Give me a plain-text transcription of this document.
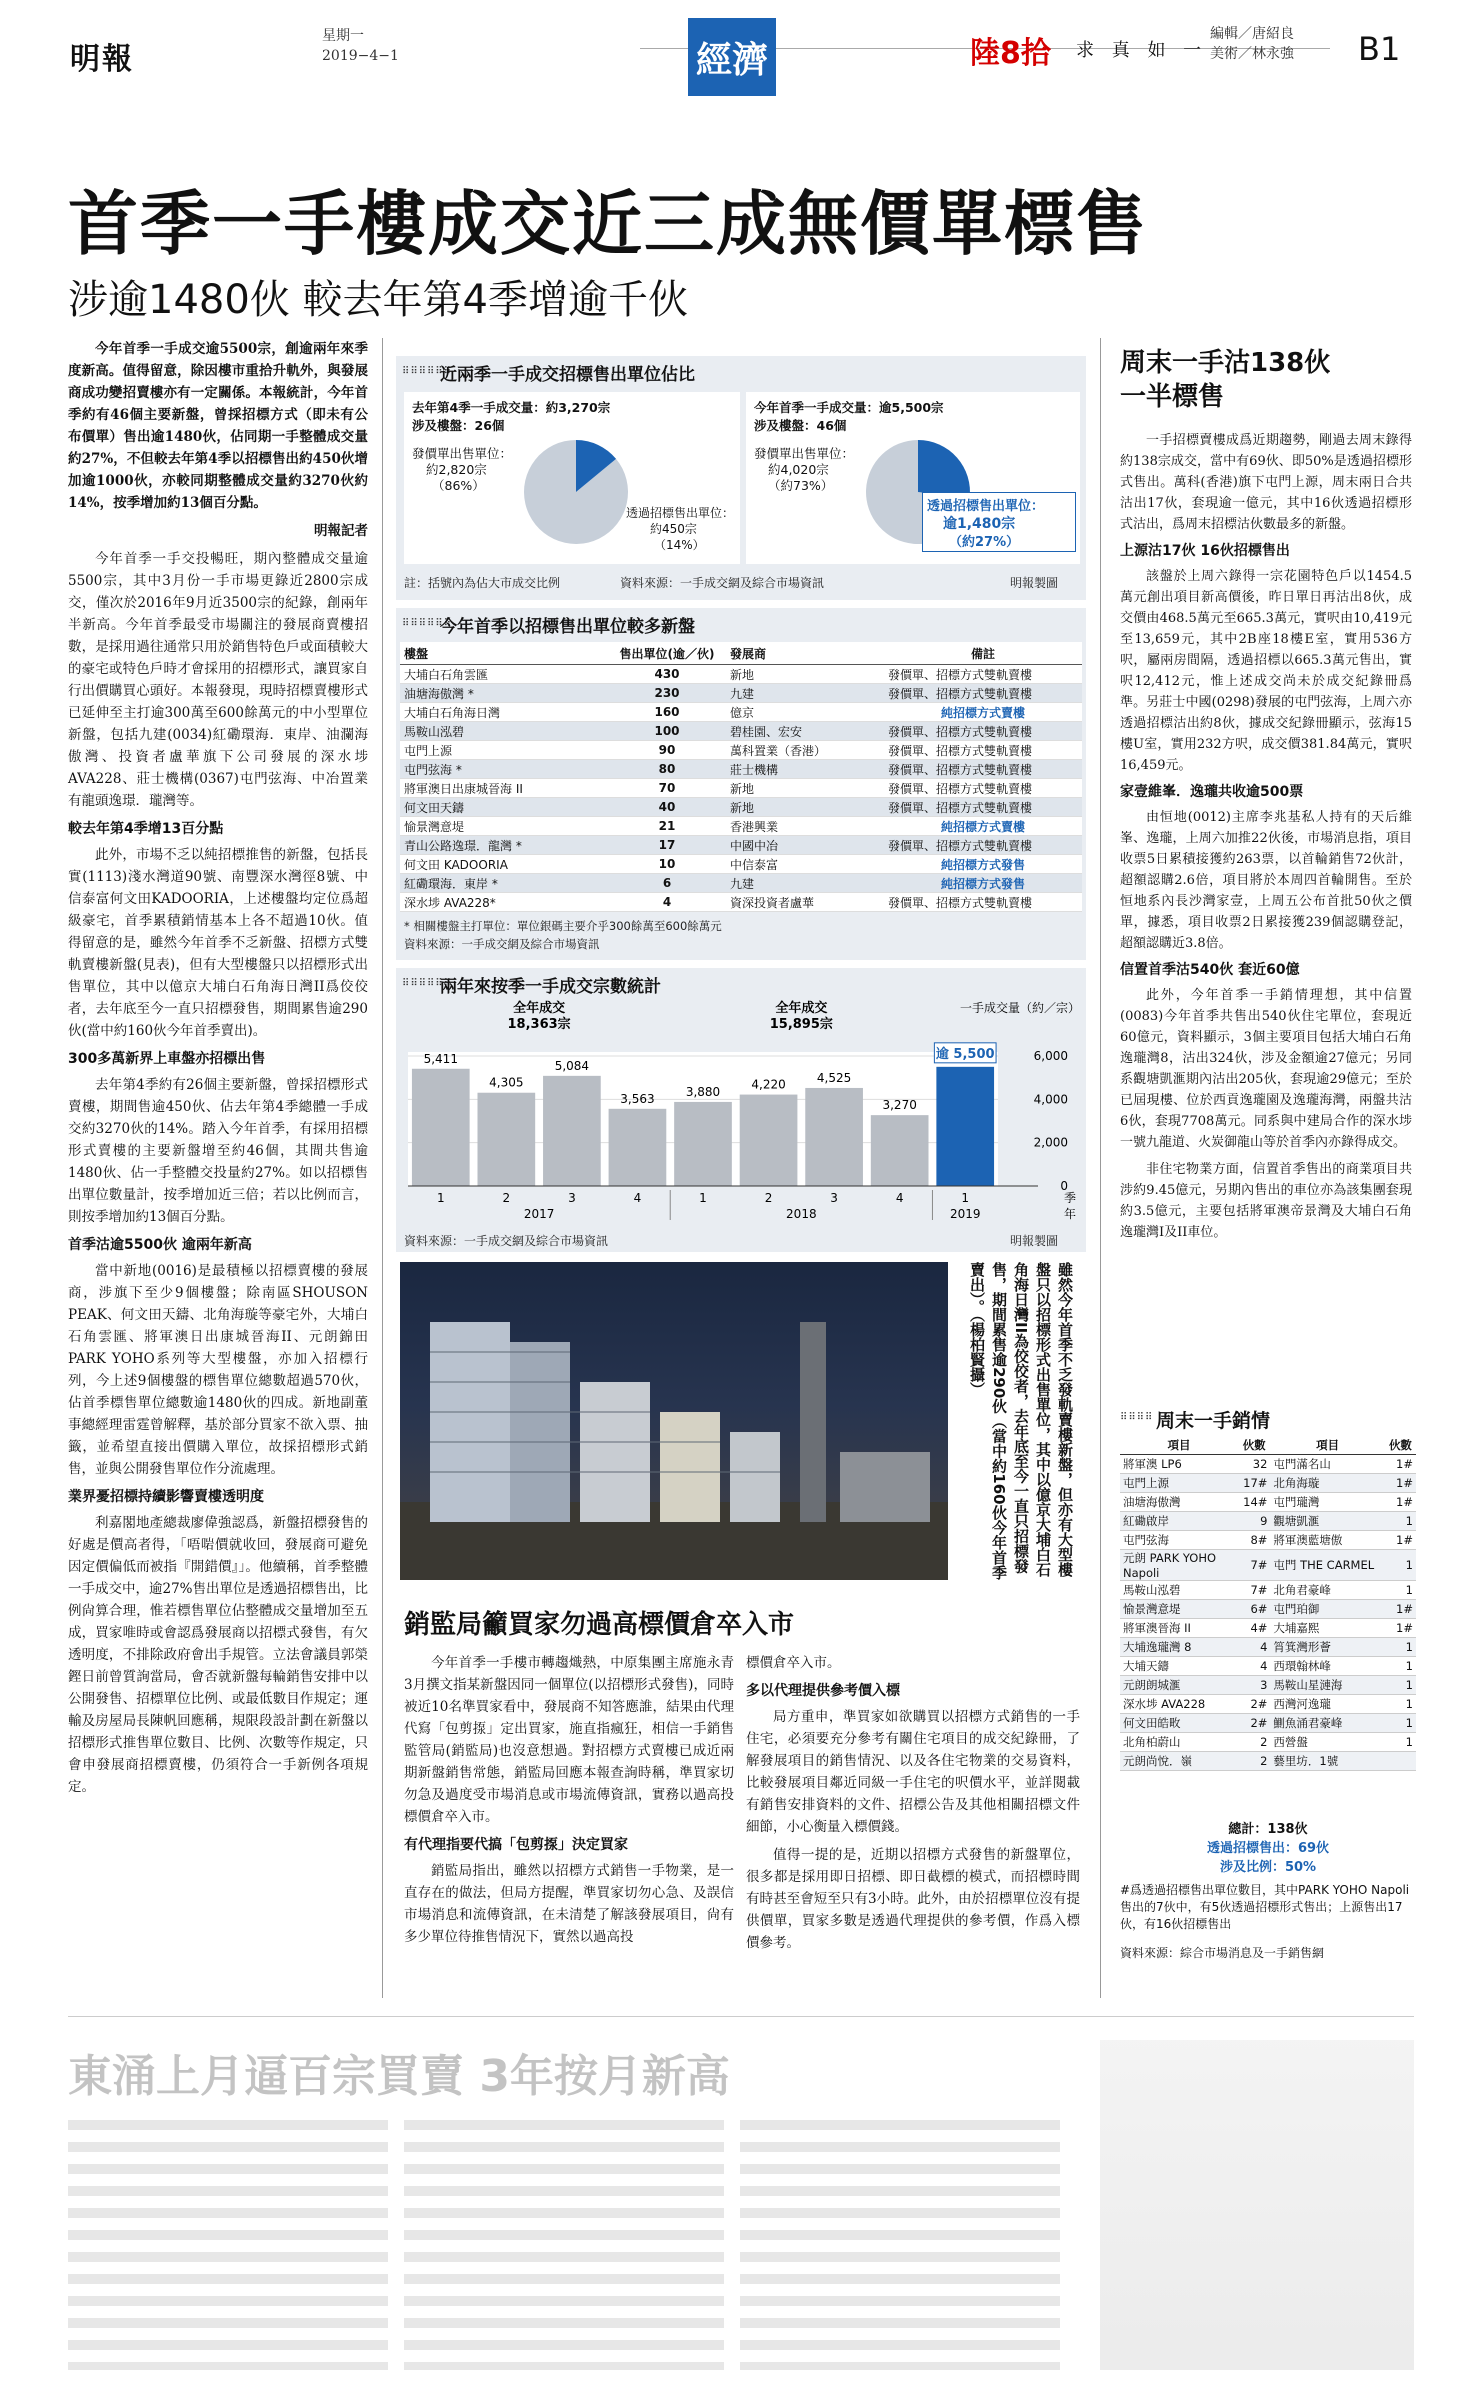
明報
星期一
2019−4−1	經濟	陸8拾 求 真 如 一
編輯／唐紹良
美術／林永強 B1
首季一手樓成交近三成無價單標售
涉逾1480伙 較去年第4季增逾千伙

今年首季一手成交逾5500宗，創逾兩年來季度新高。值得留意，除因樓市重拾升軌外，與發展商成功變招賣樓亦有一定關係。本報統計，今年首季約有46個主要新盤，曾採招標方式（即未有公布價單）售出逾1480伙，佔同期一手整體成交量約27%，不但較去年第4季以招標售出約450伙增加逾1000伙，亦較同期整體成交量約3270伙約14%，按季增加約13個百分點。

明報記者

今年首季一手交投暢旺，期內整體成交量逾5500宗，其中3月份一手市場更錄近2800宗成交，僅次於2016年9月近3500宗的紀錄，創兩年半新高。今年首季最受市場關注的發展商賣樓招數，是採用過往通常只用於銷售特色戶或面積較大的豪宅或特色戶時才會採用的招標形式，讓買家自行出價購買心頭好。本報發現，現時招標賣樓形式已延伸至主打逾300萬至600餘萬元的中小型單位新盤，包括九建(0034)紅磡環海．東岸、油瀾海傲灣、投資者盧華旗下公司發展的深水埗AVA228、莊士機構(0367)屯門弦海、中冶置業有龍頭逸璟．瓏灣等。

較去年第4季增13百分點

此外，市場不乏以純招標推售的新盤，包括長實(1113)淺水灣道90號、南豐深水灣徑8號、中信泰富何文田KADOORIA，上述樓盤均定位爲超級豪宅，首季累積銷情基本上各不超過10伙。值得留意的是，雖然今年首季不乏新盤、招標方式雙軌賣樓新盤(見表)，但有大型樓盤只以招標形式出售單位，其中以億京大埔白石角海日灣II爲佼佼者，去年底至今一直只招標發售，期間累售逾290伙(當中約160伙今年首季賣出)。

300多萬新界上車盤亦招標出售

去年第4季約有26個主要新盤，曾採招標形式賣樓，期間售逾450伙、佔去年第4季總體一手成交約3270伙的14%。踏入今年首季，有採用招標形式賣樓的主要新盤增至約46個，其間共售逾1480伙、佔一手整體交投量約27%。如以招標售出單位數量計，按季增加近三倍；若以比例而言，則按季增加約13個百分點。

首季沽逾5500伙 逾兩年新高

當中新地(0016)是最積極以招標賣樓的發展商，涉旗下至少9個樓盤；除南區SHOUSON PEAK、何文田天鑄、北角海璇等豪宅外，大埔白石角雲匯、將軍澳日出康城晉海II、元朗錦田PARK YOHO系列等大型樓盤，亦加入招標行列，今上述9個樓盤的標售單位總數超過570伙，佔首季標售單位總數逾1480伙的四成。新地副董事總經理雷霆曾解釋，基於部分買家不欲入票、抽籤，並希望直接出價購入單位，故採招標形式銷售，並與公開發售單位作分流處理。

業界憂招標持續影響賣樓透明度

利嘉閣地產總裁廖偉強認爲，新盤招標發售的好處是價高者得，「唔啱價就收回，發展商可避免因定價偏低而被指『開錯價』」。他續稱，首季整體一手成交中，逾27%售出單位是透過招標售出，比例尙算合理，惟若標售單位佔整體成交量增加至五成，買家唯時或會認爲發展商以招標式發售，有欠透明度，不排除政府會出手規管。立法會議員郭榮鏗日前曾質詢當局，會否就新盤每輪銷售安排中以公開發售、招標單位比例、或最低數目作規定；運輸及房屋局長陳帆回應稱，規限段設計劃在新盤以招標形式推售單位數目、比例、次數等作規定，只會申發展商招標賣樓，仍須符合一手新例各項規定。

⠿⠿⠿⠿⠿⠿
近兩季一手成交招標售出單位佔比
去年第4季一手成交量：約3,270宗
涉及樓盤：26個
發價單出售單位：
約2,820宗
（86%）
透過招標售出單位：
約450宗
（14%）
今年首季一手成交量：逾5,500宗
涉及樓盤：46個
發價單出售單位：
約4,020宗
（約73%）
透過招標售出單位：
逾1,480宗
（約27%）
註：括號內為佔大市成交比例	資料來源：一手成交網及綜合市場資訊	明報製圖
⠿⠿⠿⠿⠿⠿
今年首季以招標售出單位較多新盤
樓盤	售出單位(逾／伙)	發展商	備註
大埔白石角雲匯	430	新地	發價單、招標方式雙軌賣樓
油塘海傲灣 *	230	九建	發價單、招標方式雙軌賣樓
大埔白石角海日灣	160	億京	純招標方式賣樓
馬鞍山泓碧	100	碧桂園、宏安	發價單、招標方式雙軌賣樓
屯門上源	90	萬科置業（香港）	發價單、招標方式雙軌賣樓
屯門弦海 *	80	莊士機構	發價單、招標方式雙軌賣樓
將軍澳日出康城晉海 II	70	新地	發價單、招標方式雙軌賣樓
何文田天鑄	40	新地	發價單、招標方式雙軌賣樓
愉景灣意堤	21	香港興業	純招標方式賣樓
青山公路逸璟．龍灣 *	17	中國中冶	發價單、招標方式雙軌賣樓
何文田 KADOORIA	10	中信泰富	純招標方式發售
紅磡環海．東岸 *	6	九建	純招標方式發售
深水埗 AVA228*	4	資深投資者盧華	發價單、招標方式雙軌賣樓
* 相關樓盤主打單位：單位銀碼主要介乎300餘萬至600餘萬元
資料來源：一手成交網及綜合市場資訊
⠿⠿⠿⠿⠿⠿
兩年來按季一手成交宗數統計
0
2,000
4,000
6,000
5,411
1
4,305
2
5,084
3
3,563
4
3,880
1
4,220
2
4,525
3
3,270
4
逾 5,500
1
2017	2018	2019
全年成交
18,363宗
全年成交
15,895宗
一手成交量（約／宗）
季
年
資料來源：一手成交網及綜合市場資訊	明報製圖
雖然今年首季不乏發軌賣樓新盤，但亦有大型樓盤只以招標形式出售單位，其中以億京大埔白石角海日灣II為佼佼者，去年底至今一直只招標發售，期間累售逾290伙（當中約160伙今年首季賣出）。（楊柏賢攝）
銷監局籲買家勿過高標價倉卒入市

今年首季一手樓市轉趨熾熱，中原集團主席施永青3月撰文指某新盤因同一個單位(以招標形式發售)，同時被近10名準買家看中，發展商不知答應誰，結果由代理代寫「包剪揼」定出買家，施直指瘋狂，相信一手銷售監管局(銷監局)也沒意想過。對招標方式賣樓已成近兩期新盤銷售常態，銷監局回應本報查詢時稱，準買家切勿急及過度受市場消息或市場流傳資訊，實務以過高投標價倉卒入市。

有代理指要代搞「包剪揼」決定買家

銷監局指出，雖然以招標方式銷售一手物業，是一直存在的做法，但局方提醒，準買家切勿心急、及誤信市場消息和流傳資訊，在未清楚了解該發展項目，尙有多少單位待推售情況下，實然以過高投

標價倉卒入市。

多以代理提供參考價入標

局方重申，準買家如欲購買以招標方式銷售的一手住宅，必須要充分參考有關住宅項目的成交紀錄冊，了解發展項目的銷售情況、以及各住宅物業的交易資料，比較發展項目鄰近同級一手住宅的呎價水平，並詳閱載有銷售安排資料的文件、招標公告及其他相關招標文件細節，小心衡量入標價錢。

值得一提的是，近期以招標方式發售的新盤單位，很多都是採用即日招標、即日截標的模式，而招標時間有時甚至會短至只有3小時。此外，由於招標單位沒有提供價單，買家多數是透過代理提供的參考價，作爲入標價參考。

周末一手沽138伙
一半標售

一手招標賣樓成爲近期趨勢，剛過去周末錄得約138宗成交，當中有69伙、即50%是透過招標形式售出。萬科(香港)旗下屯門上源，周末兩日合共沽出17伙，套現逾一億元，其中16伙透過招標形式沽出，爲周末招標沽伙數最多的新盤。

上源沽17伙 16伙招標售出

該盤於上周六錄得一宗花園特色戶以1454.5萬元創出項目新高價後，昨日單日再沽出8伙，成交價由468.5萬元至665.3萬元，實呎由10,419元至13,659元，其中2B座18樓E室，實用536方呎，屬兩房間隔，透過招標以665.3萬元售出，實呎12,412元，惟上述成交尚未於成交紀錄冊爲準。另莊士中國(0298)發展的屯門弦海，上周六亦透過招標沽出約8伙，據成交紀錄冊顯示，弦海15樓U室，實用232方呎，成交價381.84萬元，實呎16,459元。

家壹維峯．逸瓏共收逾500票

由恒地(0012)主席李兆基私人持有的天后維峯、逸瓏，上周六加推22伙後，市場消息指，項目收票5日累積接獲約263票，以首輪銷售72伙計，超額認購2.6倍，項目將於本周四首輪開售。至於恒地系內長沙灣家壹，上周五公布首批50伙之價單，據悉，項目收票2日累接獲239個認購登記，超額認購近3.8倍。

信置首季沽540伙 套近60億

此外，今年首季一手銷情理想，其中信置(0083)今年首季共售出540伙住宅單位，套現近60億元，資料顯示，3個主要項目包括大埔白石角逸瓏灣8，沽出324伙，涉及金額逾27億元；另同系觀塘凱滙期內沽出205伙，套現逾29億元；至於已屆現樓、位於西貢逸瓏園及逸瓏海灣，兩盤共沽6伙，套現7708萬元。同系與中建局合作的深水埗一號九龍道、火炭御龍山等於首季內亦錄得成交。

非住宅物業方面，信置首季售出的商業項目共涉約9.45億元，另期內售出的車位亦為該集團套現約3.5億元，主要包括將軍澳帝景灣及大埔白石角逸瓏灣I及II車位。

⠿⠿⠿⠿ 周末一手銷情
項目	伙數	項目	伙數
將軍澳 LP6	32	屯門滿名山	1#
屯門上源	17#	北角海璇	1#
油塘海傲灣	14#	屯門瓏灣	1#
紅磡啟岸	9	觀塘凱滙	1
屯門弦海	8#	將軍澳藍塘傲	1#
元朗 PARK YOHO Napoli	7#	屯門 THE CARMEL	1
馬鞍山泓碧	7#	北角君豪峰	1
愉景灣意堤	6#	屯門珀御	1#
將軍澳晉海 II	4#	大埔嘉熙	1#
大埔逸瓏灣 8	4	筲箕灣形薈	1
大埔天鑄	4	西環翰林峰	1
元朗朗城滙	3	馬鞍山星漣海	1
深水埗 AVA228	2#	西灣河逸瓏	1
何文田皓畋	2#	鰂魚涌君豪峰	1
北角柏蔚山	2	西營盤	1
元朗尚悅．嶺	2	藝里坊．1號	
總計：138伙
透過招標售出：69伙
涉及比例：50%
#爲透過招標售出單位數目，其中PARK YOHO Napoli售出的7伙中，有5伙透過招標形式售出；上源售出17伙，有16伙招標售出
資料來源：綜合市場消息及一手銷售網
東涌上月逼百宗買賣 3年按月新高
